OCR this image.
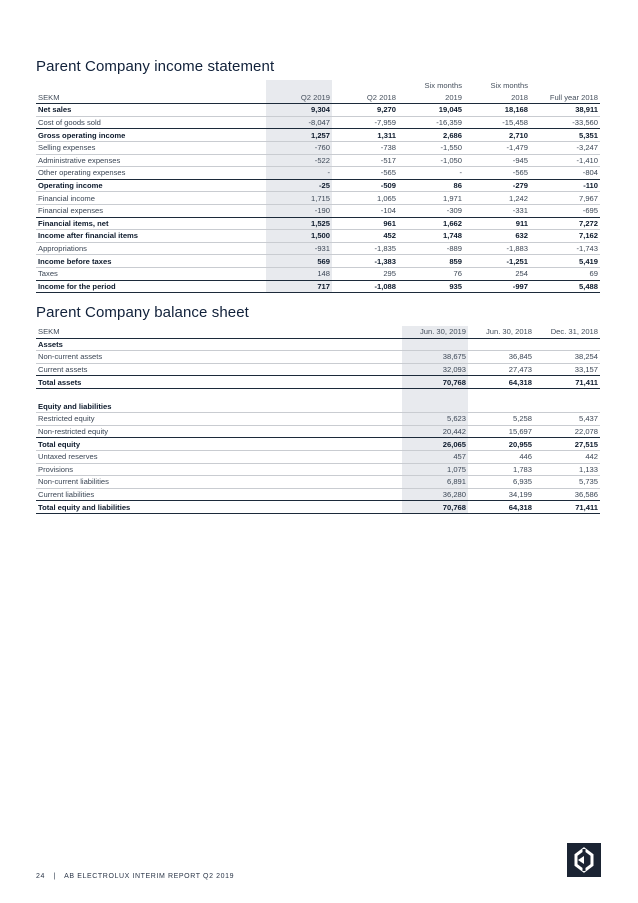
Parent Company income statement
			Six months	Six months	
SEKM	Q2 2019	Q2 2018	2019	2018	Full year 2018
Net sales	9,304	9,270	19,045	18,168	38,911
Cost of goods sold	-8,047	-7,959	-16,359	-15,458	-33,560
Gross operating income	1,257	1,311	2,686	2,710	5,351
Selling expenses	-760	-738	-1,550	-1,479	-3,247
Administrative expenses	-522	-517	-1,050	-945	-1,410
Other operating expenses	-	-565	-	-565	-804
Operating income	-25	-509	86	-279	-110
Financial income	1,715	1,065	1,971	1,242	7,967
Financial expenses	-190	-104	-309	-331	-695
Financial items, net	1,525	961	1,662	911	7,272
Income after financial items	1,500	452	1,748	632	7,162
Appropriations	-931	-1,835	-889	-1,883	-1,743
Income before taxes	569	-1,383	859	-1,251	5,419
Taxes	148	295	76	254	69
Income for the period	717	-1,088	935	-997	5,488
Parent Company balance sheet
SEKM	Jun. 30, 2019	Jun. 30, 2018	Dec. 31, 2018
Assets			
Non-current assets	38,675	36,845	38,254
Current assets	32,093	27,473	33,157
Total assets	70,768	64,318	71,411

Equity and liabilities			
Restricted equity	5,623	5,258	5,437
Non-restricted equity	20,442	15,697	22,078
Total equity	26,065	20,955	27,515
Untaxed reserves	457	446	442
Provisions	1,075	1,783	1,133
Non-current liabilities	6,891	6,935	5,735
Current liabilities	36,280	34,199	36,586
Total equity and liabilities	70,768	64,318	71,411
24 | AB ELECTROLUX INTERIM REPORT Q2 2019
